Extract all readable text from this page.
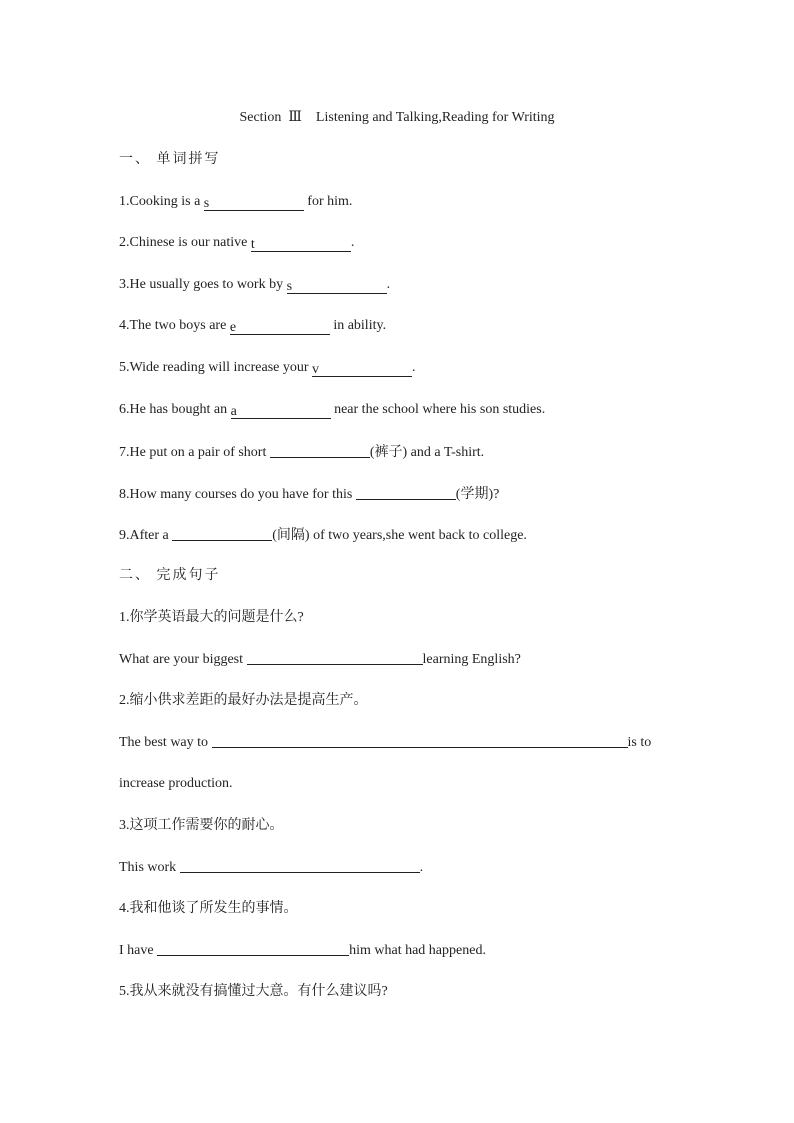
Section  Ⅲ    Listening and Talking,Reading for Writing
一、 单词拼写
1.Cooking is a s	for him.
2.Chinese is our native t	.
3.He usually goes to work by s	.
4.The two boys are e	in ability.
5.Wide reading will increase your v	.
6.He has bought an a	near the school where his son studies.
7.He put on a pair of short	(裤子) and a T-shirt.
8.How many courses do you have for this	(学期)?
9.After a	(间隔) of two years,she went back to college.
二、 完成句子
1.你学英语最大的问题是什么?
What are your biggest	learning English?
2.缩小供求差距的最好办法是提高生产。
The best way to	is to
increase production.
3.这项工作需要你的耐心。
This work	.
4.我和他谈了所发生的事情。
I have	him what had happened.
5.我从来就没有搞懂过大意。有什么建议吗?
